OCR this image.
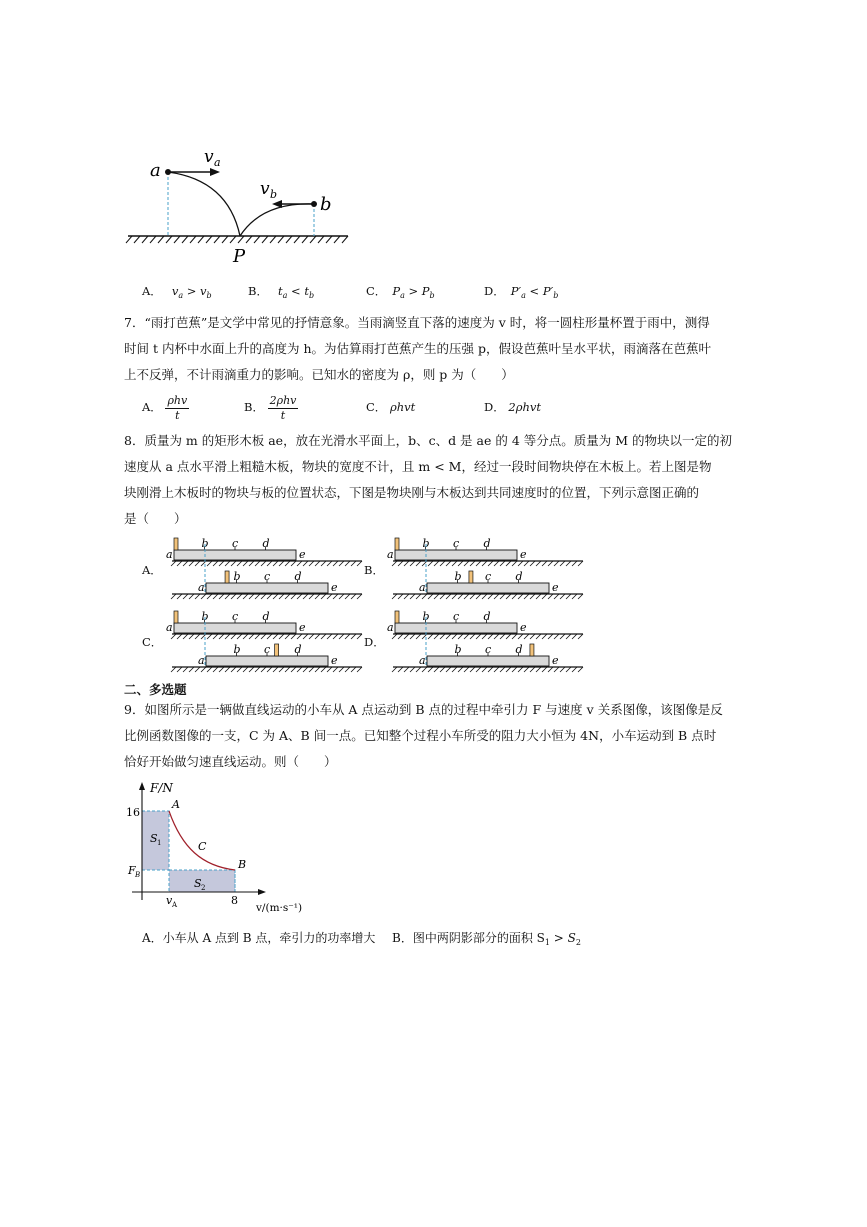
a
v a
v b b
P
A． $v_a > v_b$	B． $t_a < t_b$	C． $P_a > P_b$	D． $P'_a < P'_b$
7．“雨打芭蕉”是文学中常见的抒情意象。当雨滴竖直下落的速度为 v 时，将一圆柱形量杯置于雨中，测得
时间 t 内杯中水面上升的高度为 h。为估算雨打芭蕉产生的压强 p，假设芭蕉叶呈水平状，雨滴落在芭蕉叶
上不反弹，不计雨滴重力的影响。已知水的密度为 ρ，则 p 为（　　）
A． $\frac{\text{ρhv}}{t}$	B． $\frac{\text{2ρhv}}{t}$	C． ρhvt	D． 2ρhvt
8．质量为 m 的矩形木板 ae，放在光滑水平面上，b、c、d 是 ae 的 4 等分点。质量为 M 的物块以一定的初
速度从 a 点水平滑上粗糙木板，物块的宽度不计，且 m < M，经过一段时间物块停在木板上。若上图是物
块刚滑上木板时的物块与板的位置状态，下图是物块刚与木板达到共同速度时的位置，下列示意图正确的
是（　　）
A．	B．
C．	D．
a
b c d
e
a
b c d
e
a
b c d
e
a
b c d
e
a
b c d
e
a
b c d
e
a
b c d
e
a
b c d
e
二、多选题
9．如图所示是一辆做直线运动的小车从 A 点运动到 B 点的过程中牵引力 F 与速度 v 关系图像，该图像是反
比例函数图像的一支，C 为 A、B 间一点。已知整个过程小车所受的阻力大小恒为 4N，小车运动到 B 点时
恰好开始做匀速直线运动。则（　　）
F/N
v/(m·s⁻¹)
16
F B
v A	8
A
B
C
S 1
S 2
A．小车从 A 点到 B 点，牵引力的功率增大 B．图中两阴影部分的面积 $S_1 > S_2$
